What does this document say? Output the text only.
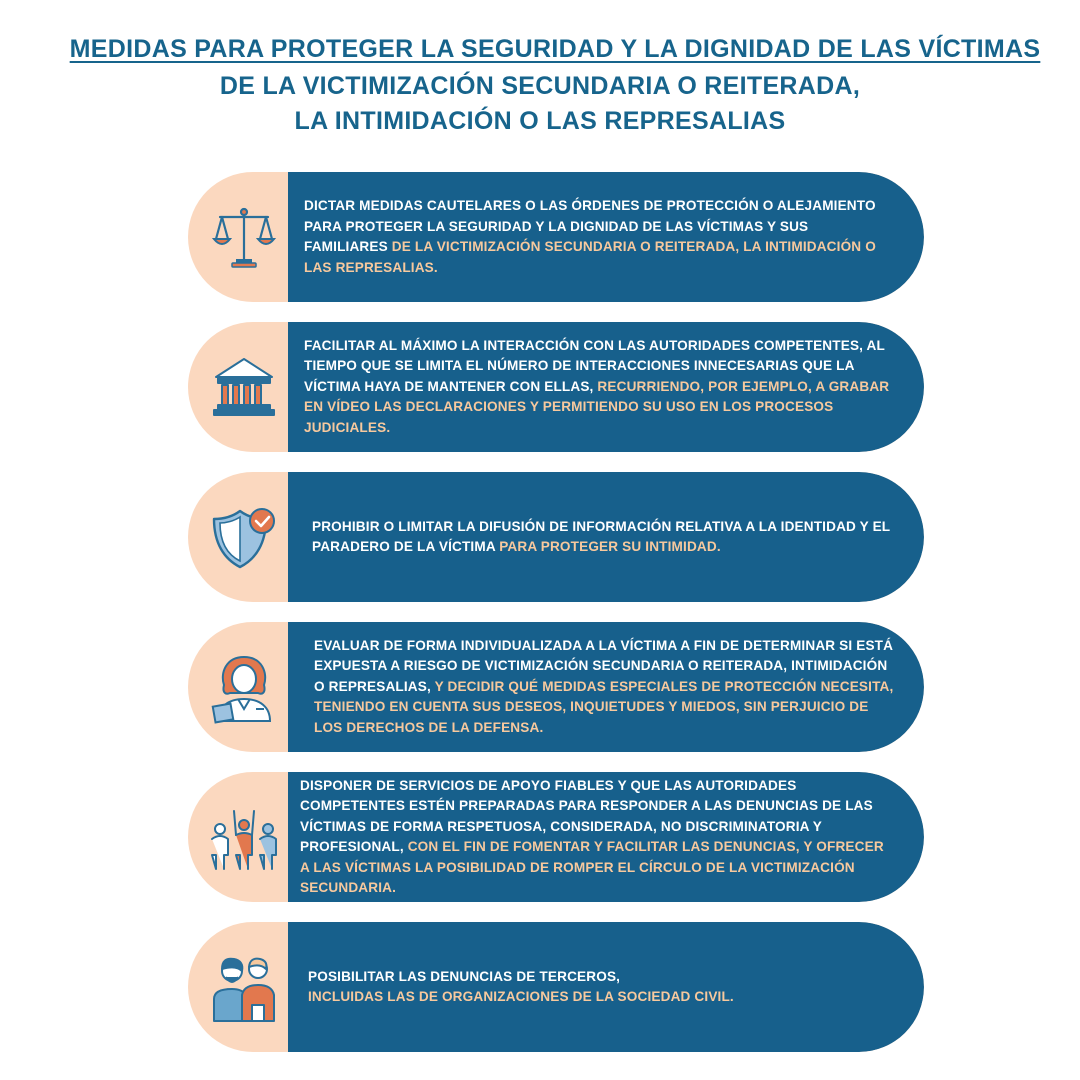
MEDIDAS PARA PROTEGER LA SEGURIDAD Y LA DIGNIDAD DE LAS VÍCTIMAS
DE LA VICTIMIZACIÓN SECUNDARIA O REITERADA,
LA INTIMIDACIÓN O LAS REPRESALIAS
DICTAR MEDIDAS CAUTELARES O LAS ÓRDENES DE PROTECCIÓN O ALEJAMIENTO PARA PROTEGER LA SEGURIDAD Y LA DIGNIDAD DE LAS VÍCTIMAS Y SUS FAMILIARES DE LA VICTIMIZACIÓN SECUNDARIA O REITERADA, LA INTIMIDACIÓN O LAS REPRESALIAS.
FACILITAR AL MÁXIMO LA INTERACCIÓN CON LAS AUTORIDADES COMPETENTES, AL TIEMPO QUE SE LIMITA EL NÚMERO DE INTERACCIONES INNECESARIAS QUE LA VÍCTIMA HAYA DE MANTENER CON ELLAS, RECURRIENDO, POR EJEMPLO, A GRABAR EN VÍDEO LAS DECLARACIONES Y PERMITIENDO SU USO EN LOS PROCESOS JUDICIALES.
PROHIBIR O LIMITAR LA DIFUSIÓN DE INFORMACIÓN RELATIVA A LA IDENTIDAD Y EL PARADERO DE LA VÍCTIMA PARA PROTEGER SU INTIMIDAD.
EVALUAR DE FORMA INDIVIDUALIZADA A LA VÍCTIMA A FIN DE DETERMINAR SI ESTÁ EXPUESTA A RIESGO DE VICTIMIZACIÓN SECUNDARIA O REITERADA, INTIMIDACIÓN O REPRESALIAS, Y DECIDIR QUÉ MEDIDAS ESPECIALES DE PROTECCIÓN NECESITA, TENIENDO EN CUENTA SUS DESEOS, INQUIETUDES Y MIEDOS, SIN PERJUICIO DE LOS DERECHOS DE LA DEFENSA.
DISPONER DE SERVICIOS DE APOYO FIABLES Y QUE LAS AUTORIDADES COMPETENTES ESTÉN PREPARADAS PARA RESPONDER A LAS DENUNCIAS DE LAS VÍCTIMAS DE FORMA RESPETUOSA, CONSIDERADA, NO DISCRIMINATORIA Y PROFESIONAL, CON EL FIN DE FOMENTAR Y FACILITAR LAS DENUNCIAS, Y OFRECER A LAS VÍCTIMAS LA POSIBILIDAD DE ROMPER EL CÍRCULO DE LA VICTIMIZACIÓN SECUNDARIA.
POSIBILITAR LAS DENUNCIAS DE TERCEROS,
INCLUIDAS LAS DE ORGANIZACIONES DE LA SOCIEDAD CIVIL.
